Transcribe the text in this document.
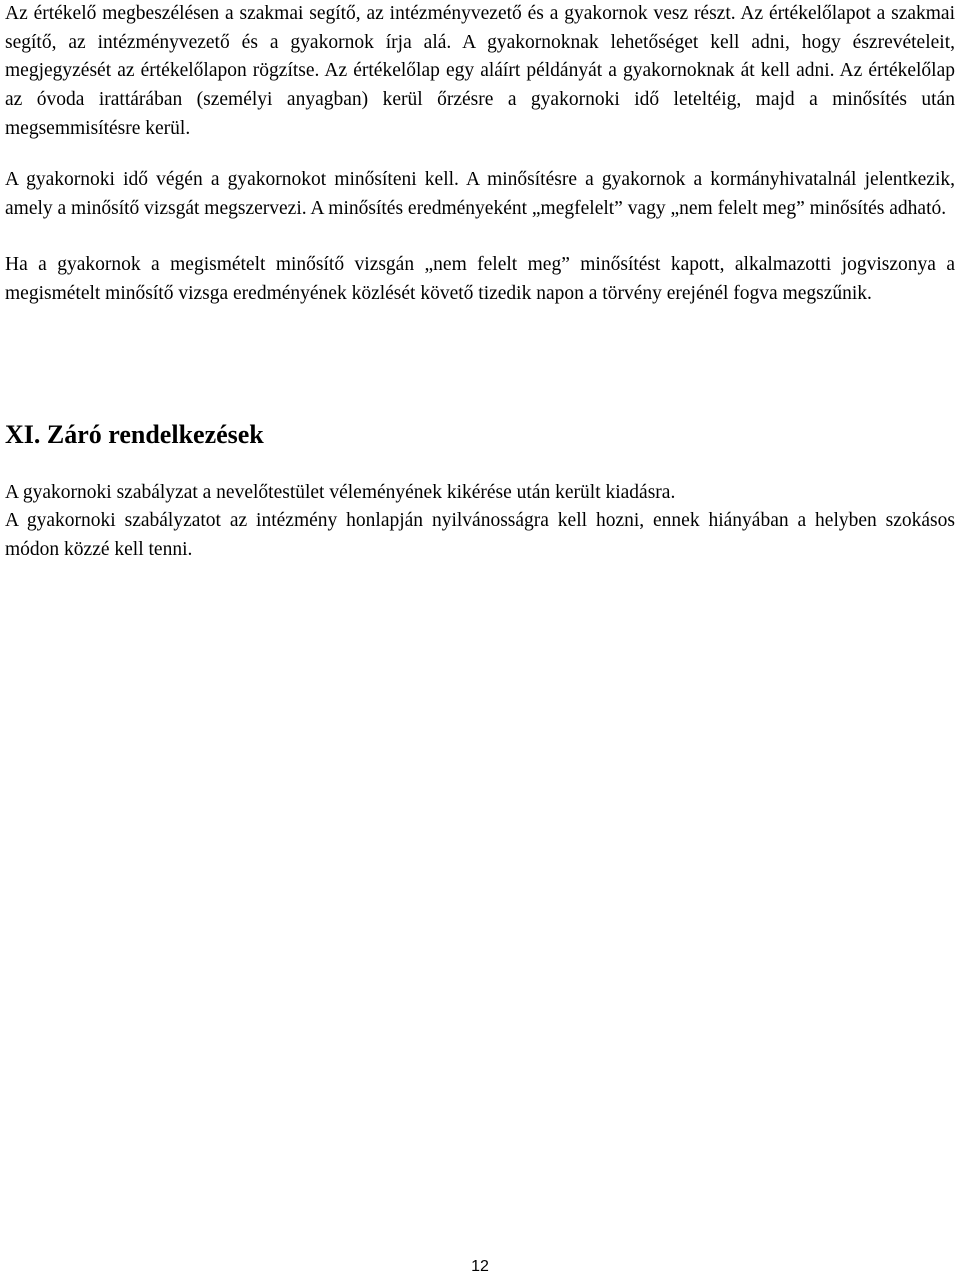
Az értékelő megbeszélésen a szakmai segítő, az intézményvezető és a gyakornok vesz részt. Az értékelőlapot a szakmai segítő, az intézményvezető és a gyakornok írja alá. A gyakornoknak lehetőséget kell adni, hogy észrevételeit, megjegyzését az értékelőlapon rögzítse. Az értékelőlap egy aláírt példányát a gyakornoknak át kell adni. Az értékelőlap az óvoda irattárában (személyi anyagban) kerül őrzésre a gyakornoki idő leteltéig, majd a minősítés után megsemmisítésre kerül.

A gyakornoki idő végén a gyakornokot minősíteni kell. A minősítésre a gyakornok a kormányhivatalnál jelentkezik, amely a minősítő vizsgát megszervezi. A minősítés eredményeként „megfelelt” vagy „nem felelt meg” minősítés adható.

Ha a gyakornok a megismételt minősítő vizsgán „nem felelt meg” minősítést kapott, alkalmazotti jogviszonya a megismételt minősítő vizsga eredményének közlését követő tizedik napon a törvény erejénél fogva megszűnik.

XI. Záró rendelkezések

A gyakornoki szabályzat a nevelőtestület véleményének kikérése után került kiadásra.

A gyakornoki szabályzatot az intézmény honlapján nyilvánosságra kell hozni, ennek hiányában a helyben szokásos módon közzé kell tenni.

12
